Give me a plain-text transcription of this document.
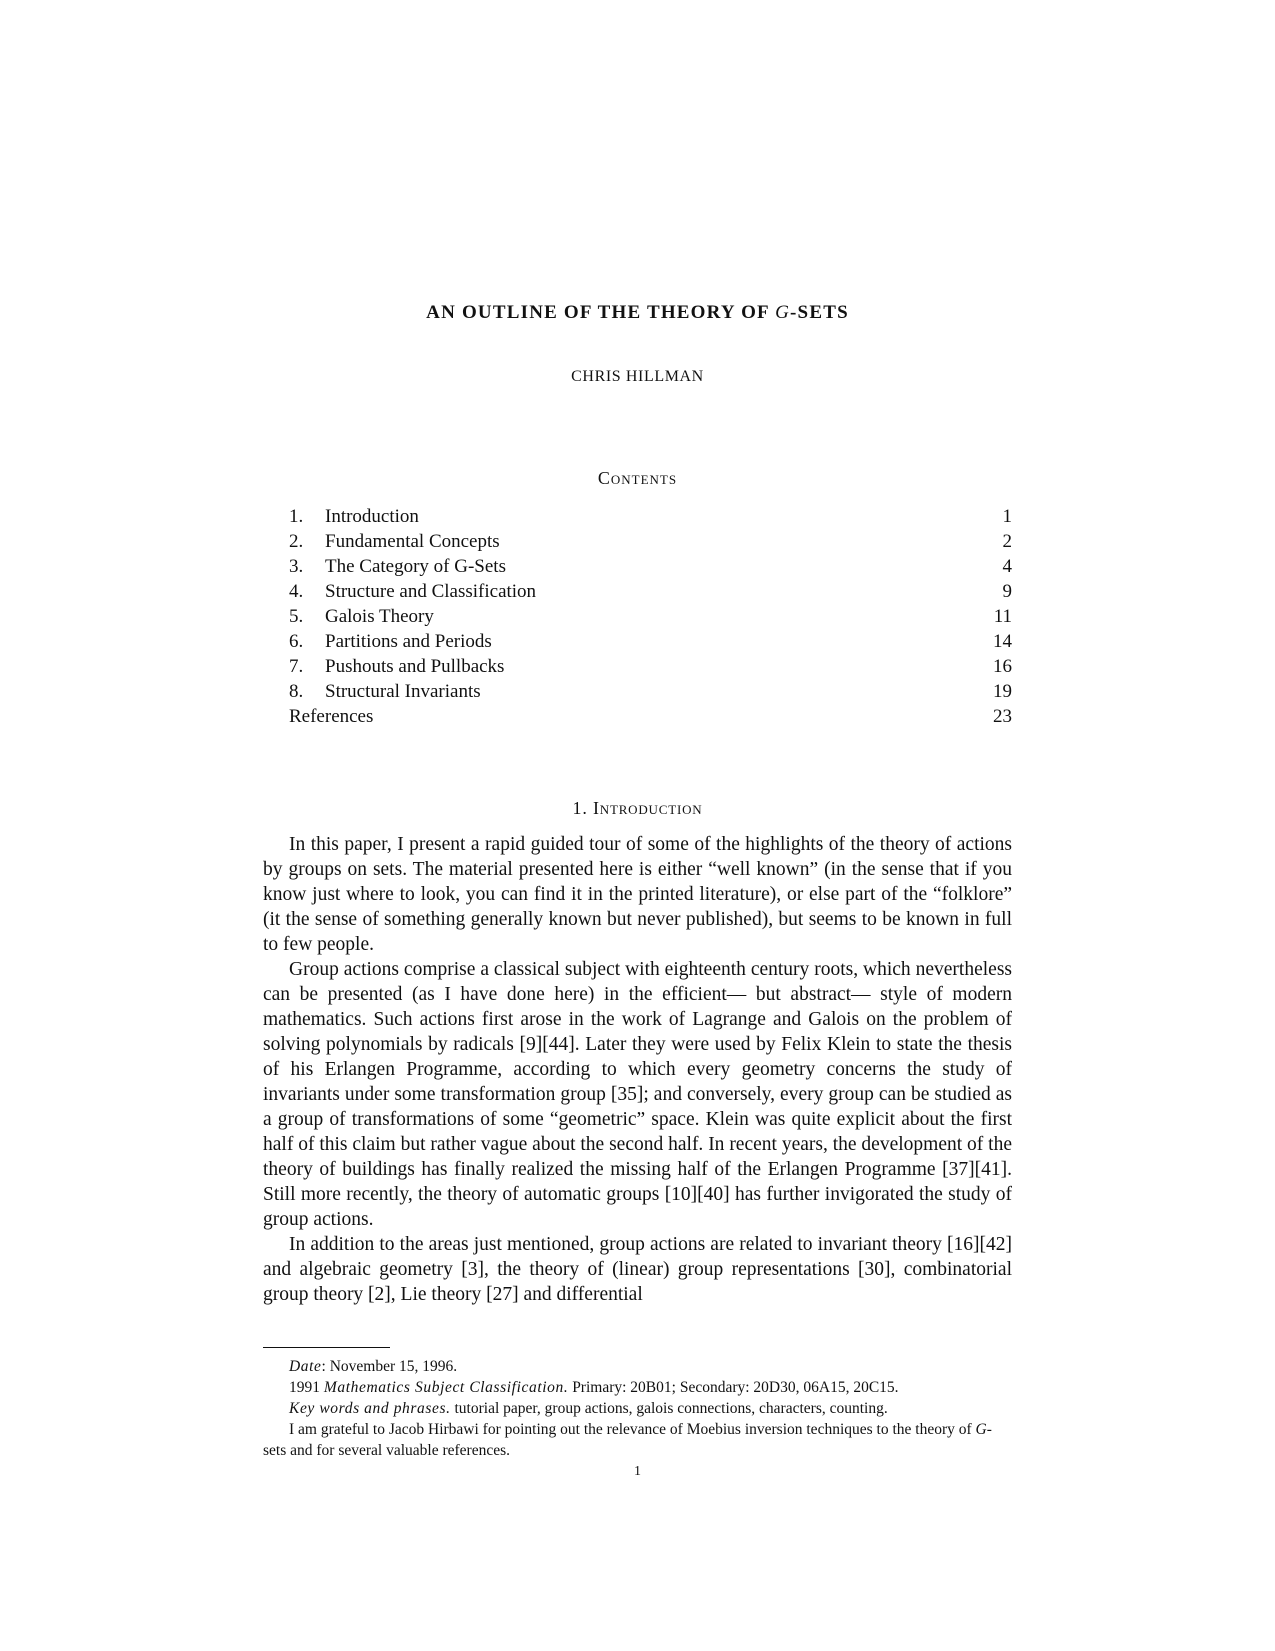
AN OUTLINE OF THE THEORY OF G-SETS
CHRIS HILLMAN
Contents
1.	Introduction	1
2.	Fundamental Concepts	2
3.	The Category of G-Sets	4
4.	Structure and Classification	9
5.	Galois Theory	11
6.	Partitions and Periods	14
7.	Pushouts and Pullbacks	16
8.	Structural Invariants	19
References	23
1. Introduction

In this paper, I present a rapid guided tour of some of the highlights of the theory of actions by groups on sets. The material presented here is either “well known” (in the sense that if you know just where to look, you can find it in the printed literature), or else part of the “folklore” (it the sense of something generally known but never published), but seems to be known in full to few people.

Group actions comprise a classical subject with eighteenth century roots, which nevertheless can be presented (as I have done here) in the efficient— but abstract— style of modern mathematics. Such actions first arose in the work of Lagrange and Galois on the problem of solving polynomials by radicals [9][44]. Later they were used by Felix Klein to state the thesis of his Erlangen Programme, according to which every geometry concerns the study of invariants under some transformation group [35]; and conversely, every group can be studied as a group of transformations of some “geometric” space. Klein was quite explicit about the first half of this claim but rather vague about the second half. In recent years, the development of the theory of buildings has finally realized the missing half of the Erlangen Programme [37][41]. Still more recently, the theory of automatic groups [10][40] has further invigorated the study of group actions.

In addition to the areas just mentioned, group actions are related to invariant theory [16][42] and algebraic geometry [3], the theory of (linear) group representations [30], combinatorial group theory [2], Lie theory [27] and differential

Date: November 15, 1996.

1991 Mathematics Subject Classification. Primary: 20B01; Secondary: 20D30, 06A15, 20C15.

Key words and phrases. tutorial paper, group actions, galois connections, characters, counting.

I am grateful to Jacob Hirbawi for pointing out the relevance of Moebius inversion techniques to the theory of G-sets and for several valuable references.

1
